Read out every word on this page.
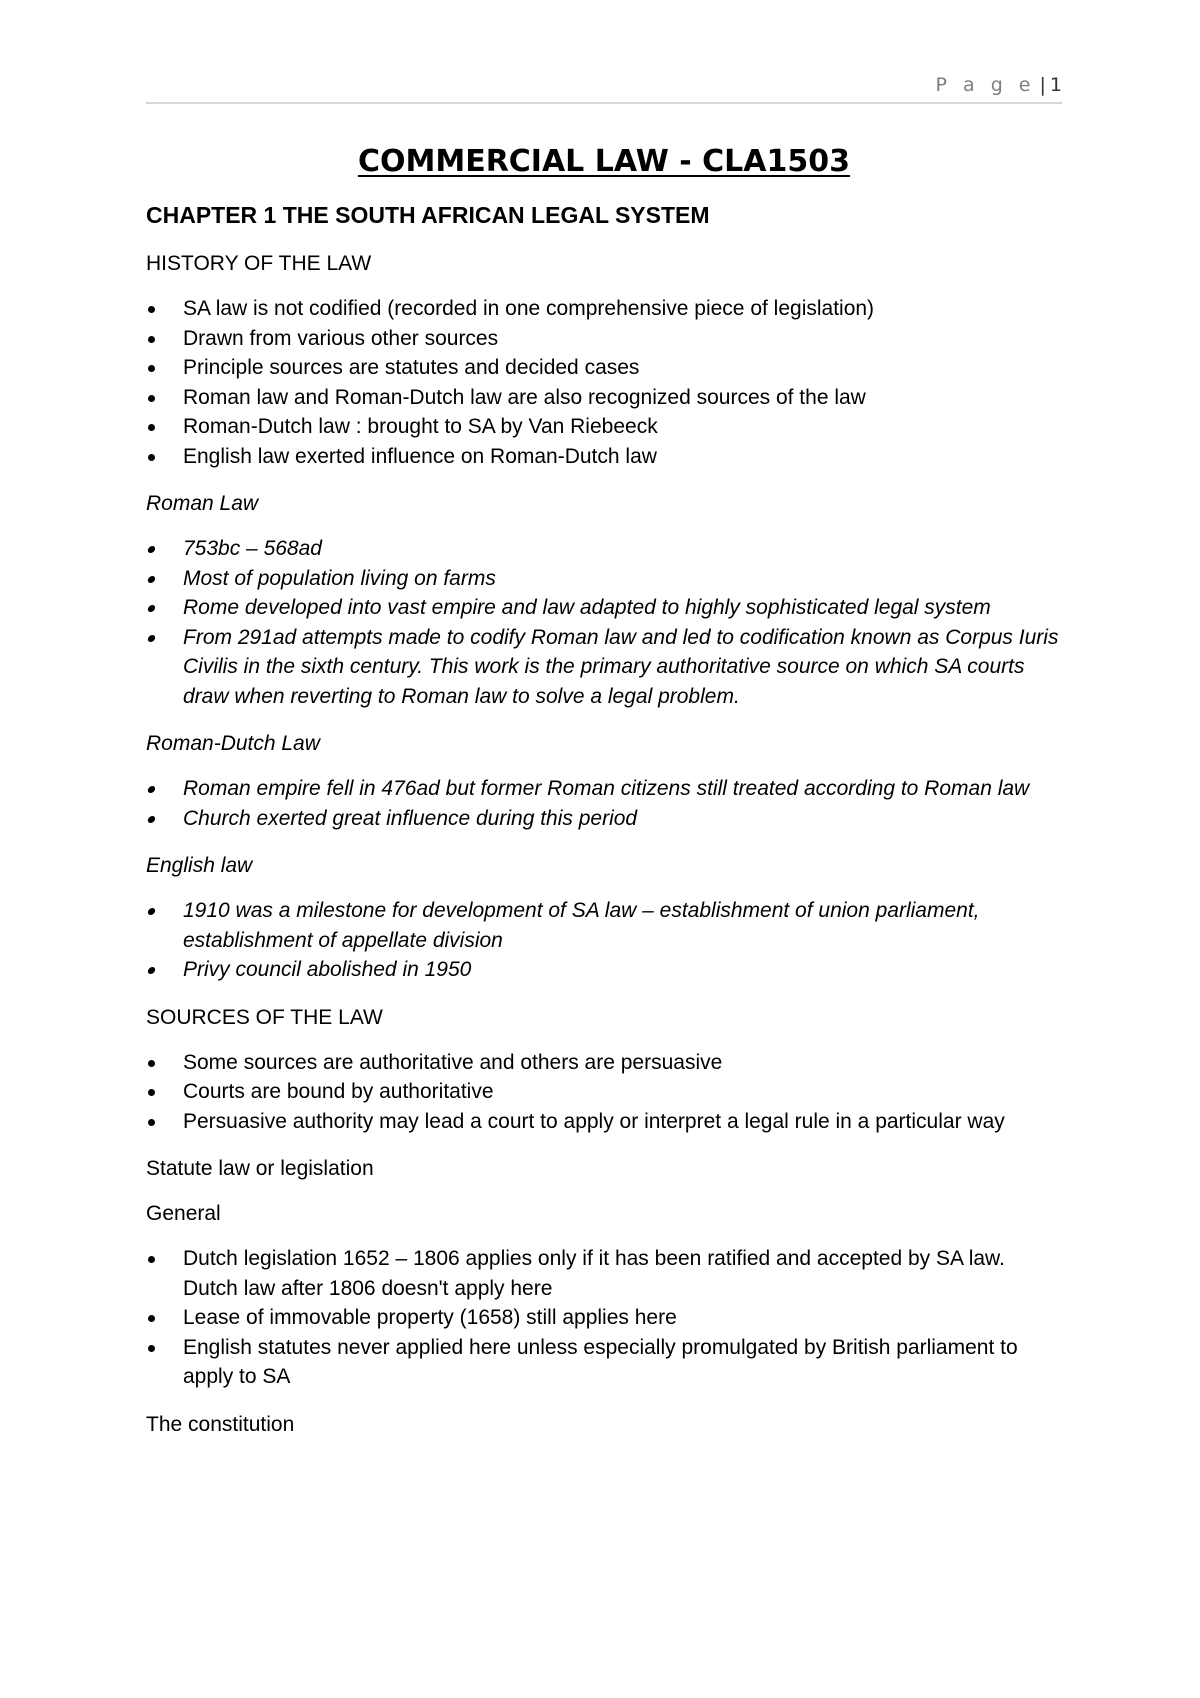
P a g e | 1
COMMERCIAL LAW - CLA1503
CHAPTER 1 THE SOUTH AFRICAN LEGAL SYSTEM
HISTORY OF THE LAW
SA law is not codified (recorded in one comprehensive piece of legislation)
Drawn from various other sources
Principle sources are statutes and decided cases
Roman law and Roman-Dutch law are also recognized sources of the law
Roman-Dutch law : brought to SA by Van Riebeeck
English law exerted influence on Roman-Dutch law
Roman Law
753bc – 568ad
Most of population living on farms
Rome developed into vast empire and law adapted to highly sophisticated legal system
From 291ad attempts made to codify Roman law and led to codification known as Corpus Iuris Civilis in the sixth century. This work is the primary authoritative source on which SA courts draw when reverting to Roman law to solve a legal problem.
Roman-Dutch Law
Roman empire fell in 476ad but former Roman citizens still treated according to Roman law
Church exerted great influence during this period
English law
1910 was a milestone for development of SA law – establishment of union parliament, establishment of appellate division
Privy council abolished in 1950
SOURCES OF THE LAW
Some sources are authoritative and others are persuasive
Courts are bound by authoritative
Persuasive authority may lead a court to apply or interpret a legal rule in a particular way
Statute law or legislation
General
Dutch legislation 1652 – 1806 applies only if it has been ratified and accepted by SA law. Dutch law after 1806 doesn't apply here
Lease of immovable property (1658) still applies here
English statutes never applied here unless especially promulgated by British parliament to apply to SA
The constitution
